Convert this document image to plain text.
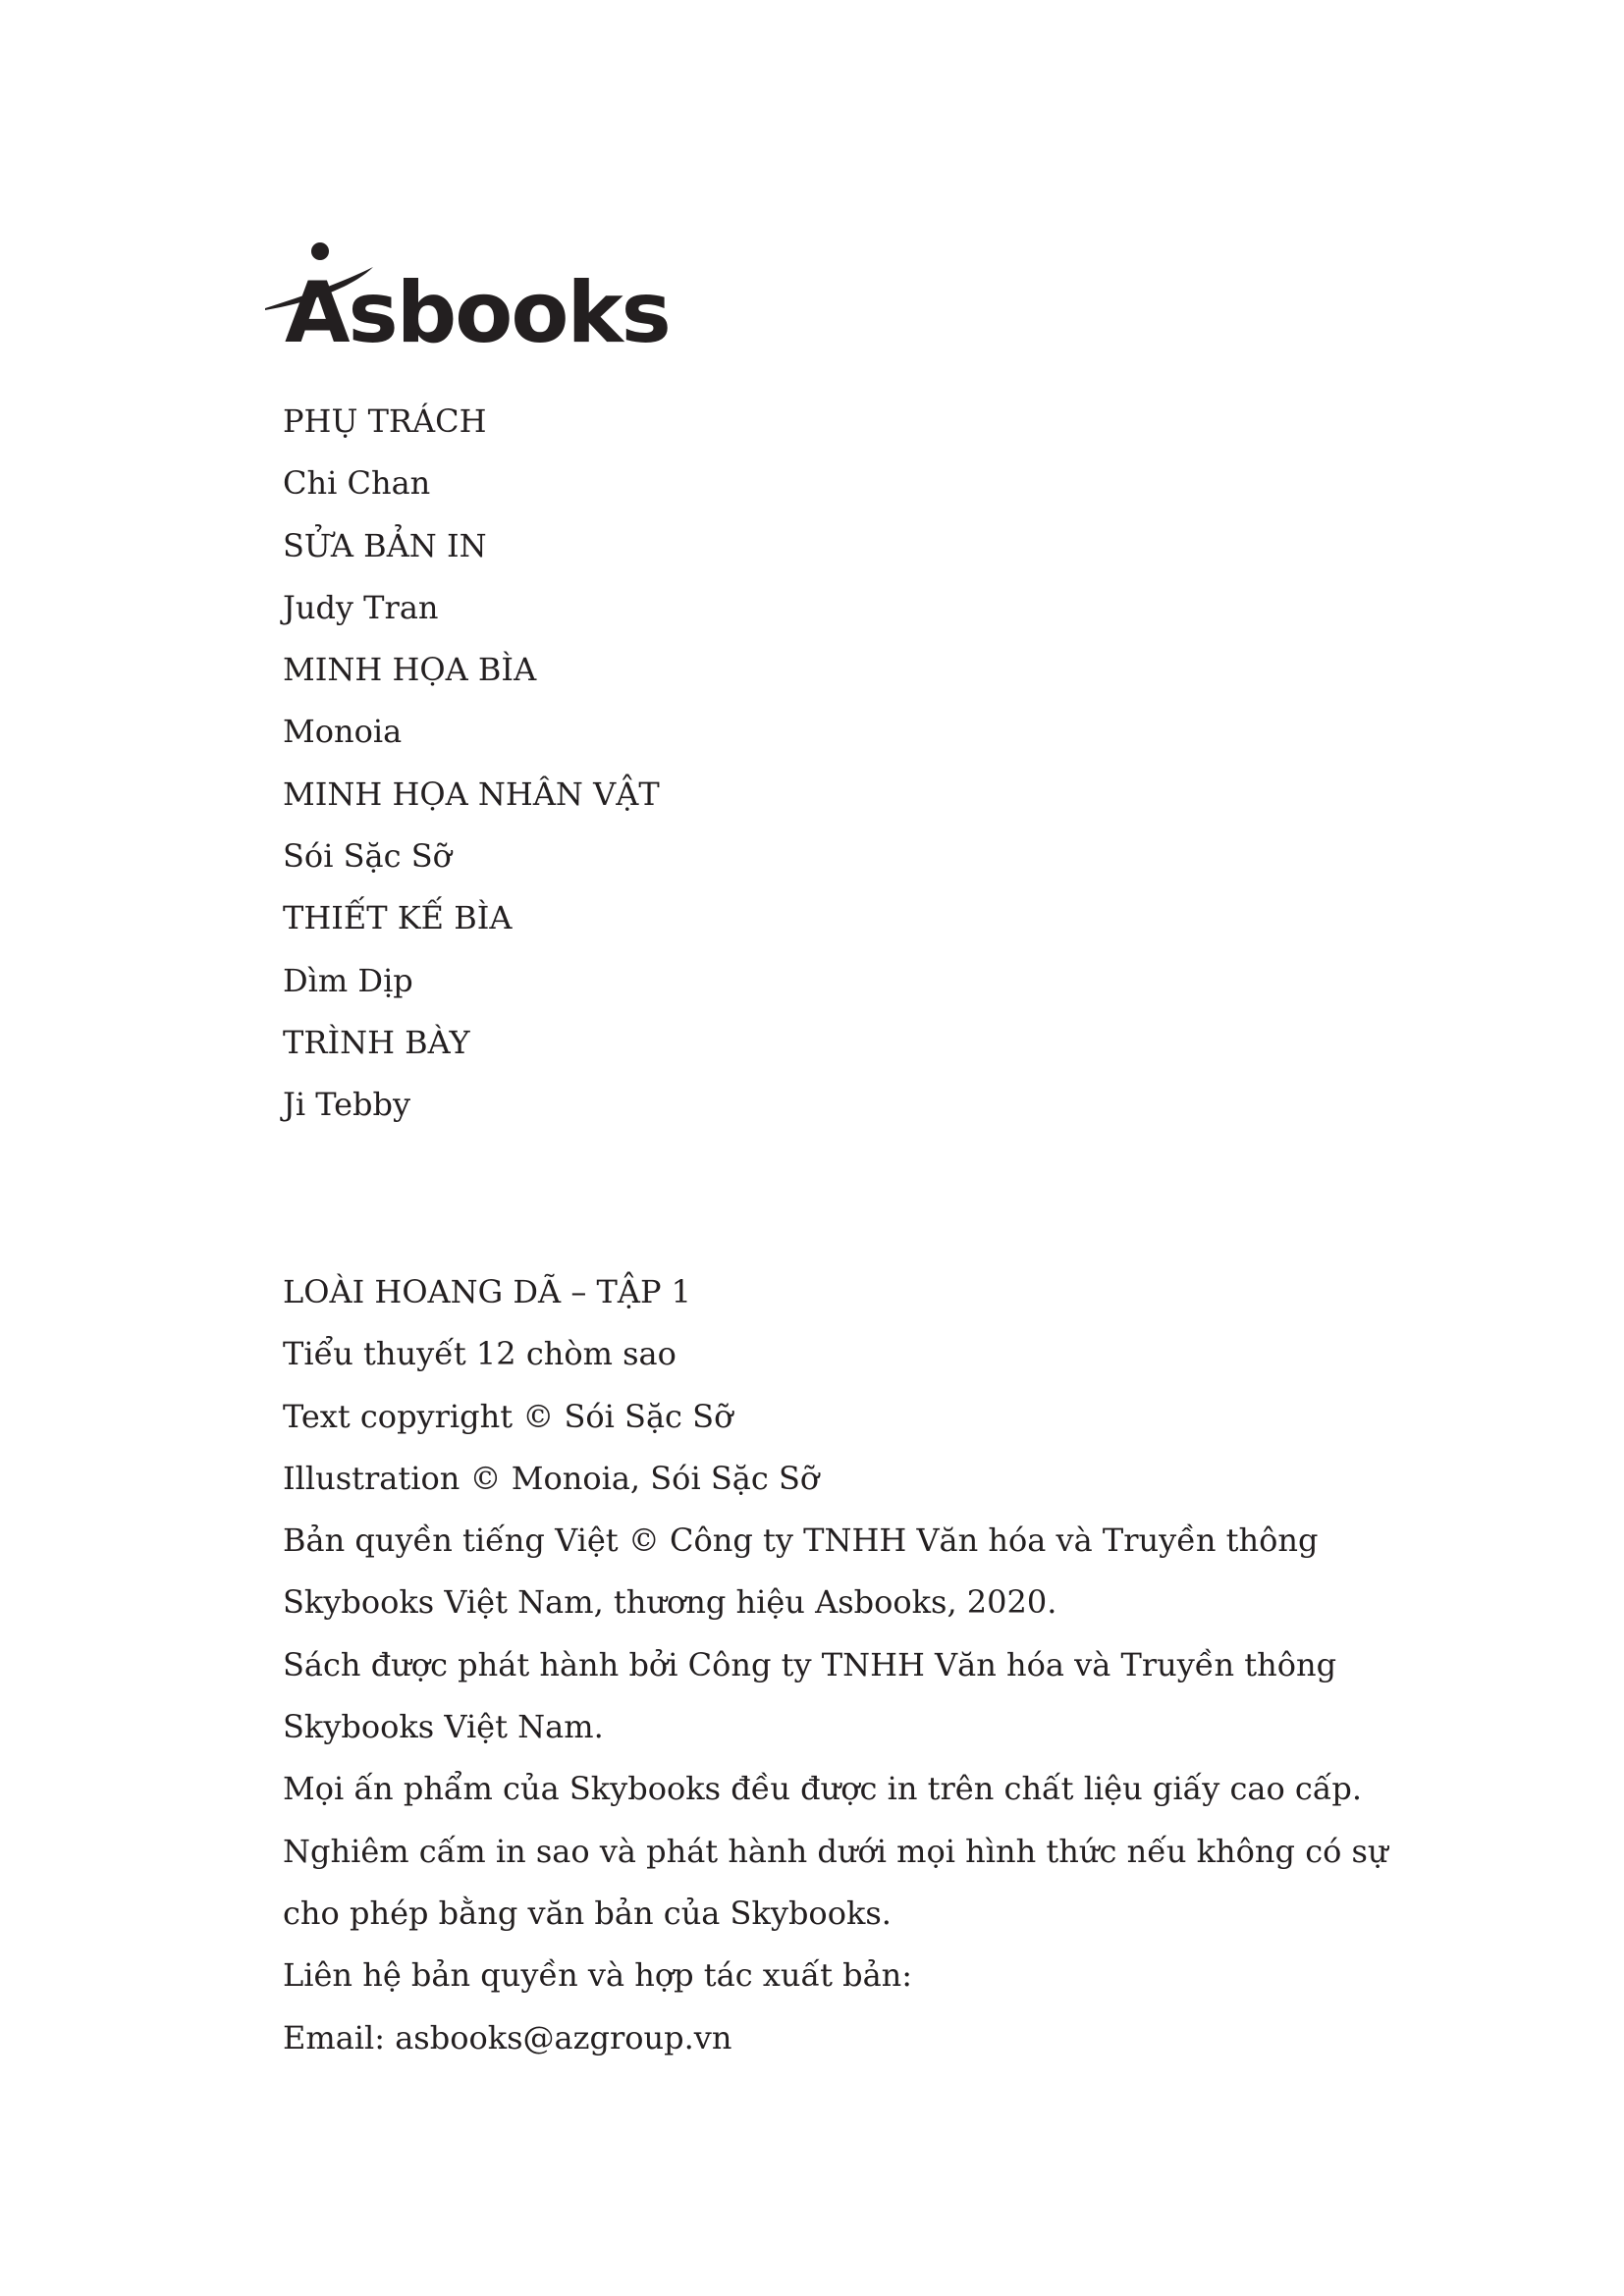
Asbooks
PHỤ TRÁCH
Chi Chan
SỬA BẢN IN
Judy Tran
MINH HỌA BÌA
Monoia
MINH HỌA NHÂN VẬT
Sói Sặc Sỡ
THIẾT KẾ BÌA
Dìm Dịp
TRÌNH BÀY
Ji Tebby
LOÀI HOANG DÃ – TẬP 1
Tiểu thuyết 12 chòm sao
Text copyright © Sói Sặc Sỡ
Illustration © Monoia, Sói Sặc Sỡ
Bản quyền tiếng Việt © Công ty TNHH Văn hóa và Truyền thông
Skybooks Việt Nam, thương hiệu Asbooks, 2020.
Sách được phát hành bởi Công ty TNHH Văn hóa và Truyền thông
Skybooks Việt Nam.
Mọi ấn phẩm của Skybooks đều được in trên chất liệu giấy cao cấp.
Nghiêm cấm in sao và phát hành dưới mọi hình thức nếu không có sự
cho phép bằng văn bản của Skybooks.
Liên hệ bản quyền và hợp tác xuất bản:
Email: asbooks@azgroup.vn
